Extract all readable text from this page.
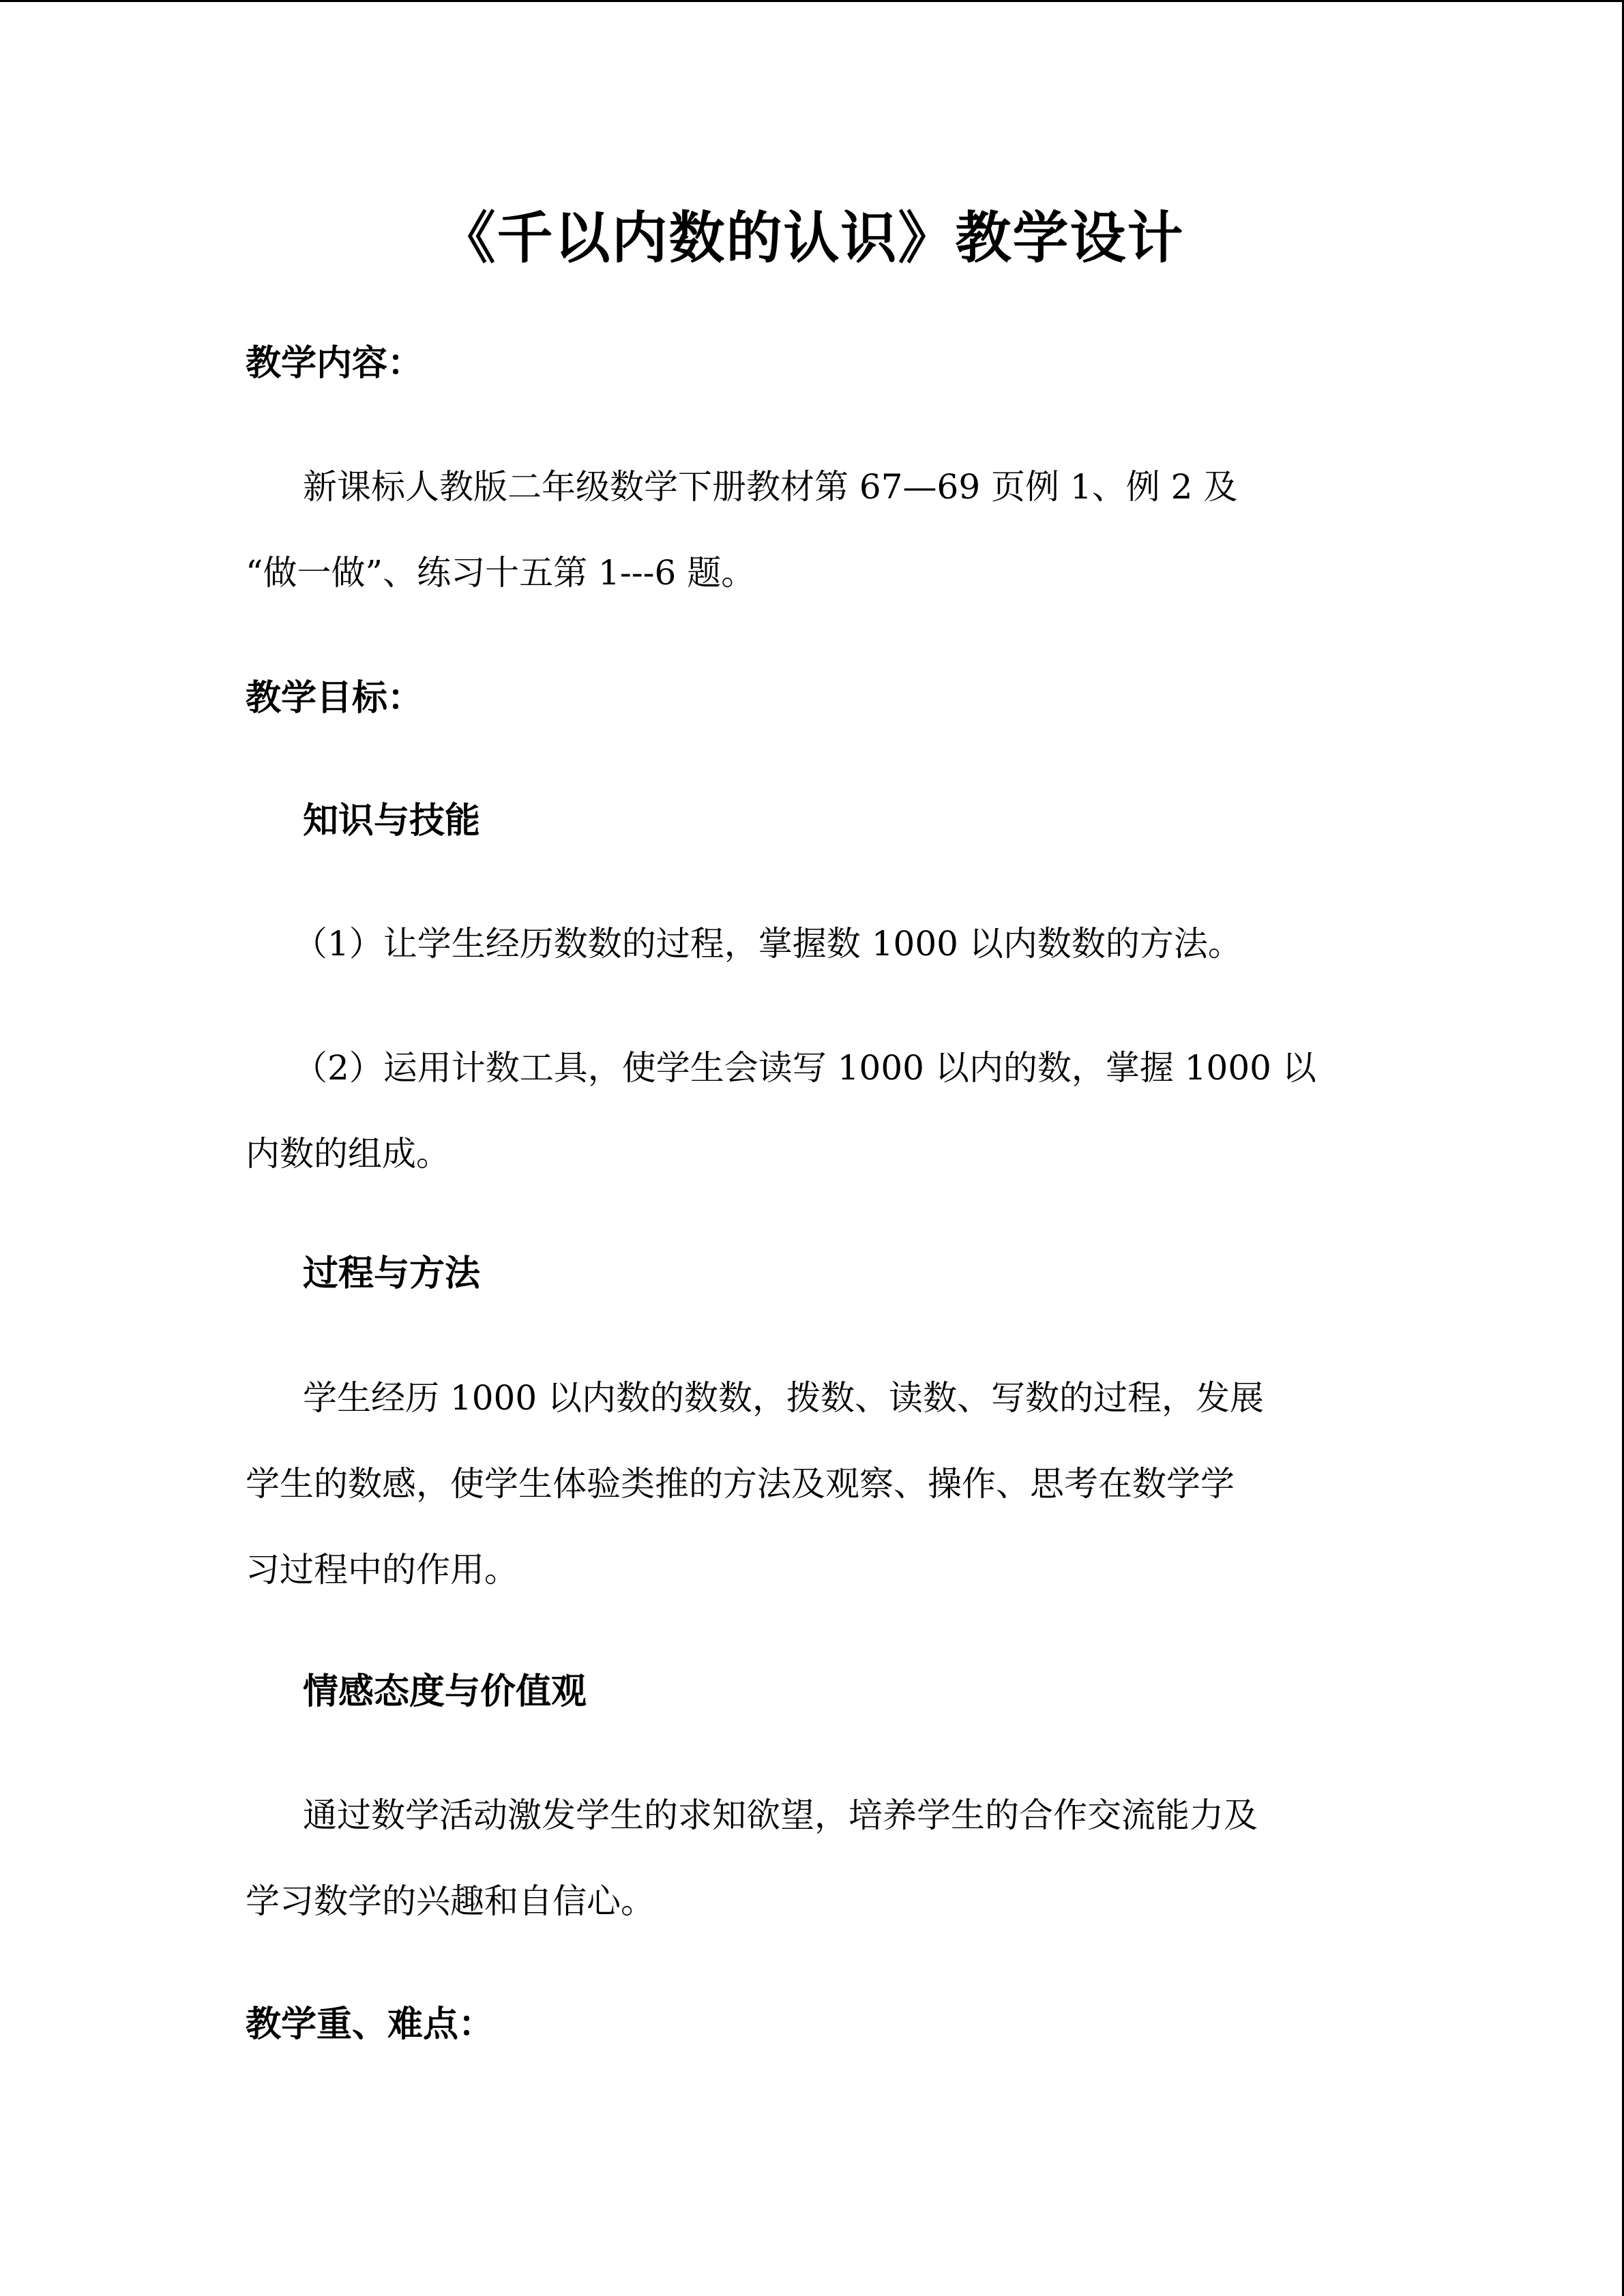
《千以内数的认识》教学设计
教学内容：
新课标人教版二年级数学下册教材第 67—69 页例 1、例 2 及
“做一做”、练习十五第 1---6 题。
教学目标：
知识与技能
（1）让学生经历数数的过程，掌握数 1000 以内数数的方法。
（2）运用计数工具，使学生会读写 1000 以内的数，掌握 1000 以
内数的组成。
过程与方法
学生经历 1000 以内数的数数，拨数、读数、写数的过程，发展
学生的数感，使学生体验类推的方法及观察、操作、思考在数学学
习过程中的作用。
情感态度与价值观
通过数学活动激发学生的求知欲望，培养学生的合作交流能力及
学习数学的兴趣和自信心。
教学重、难点：
